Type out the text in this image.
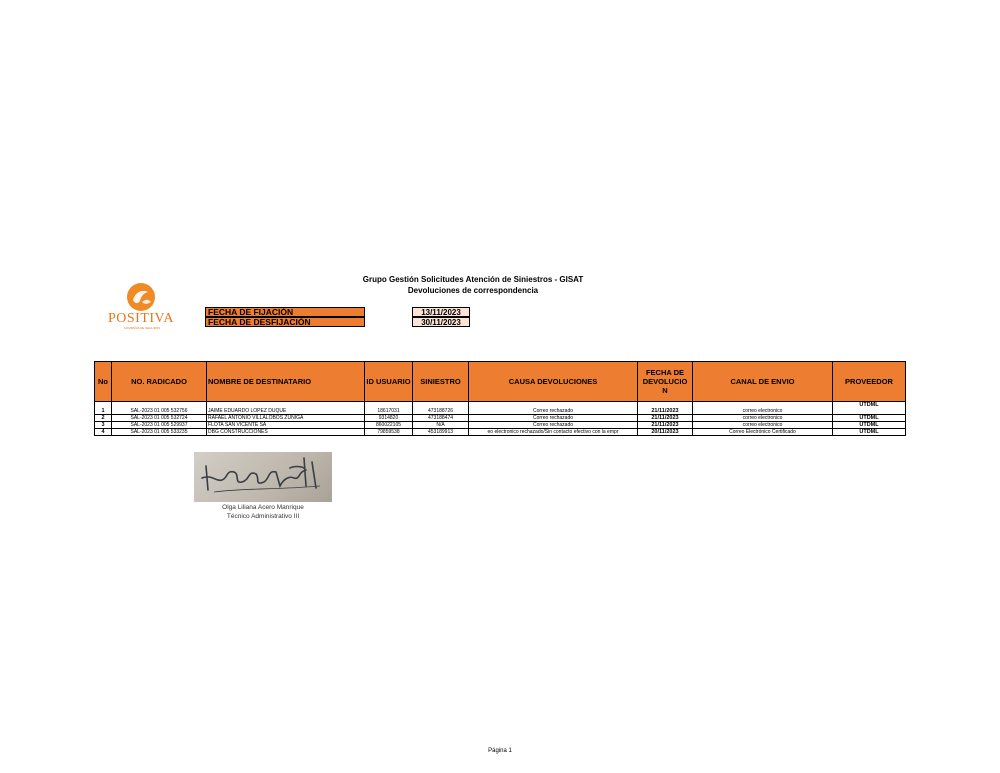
Grupo Gestión Solicitudes Atención de Siniestros - GISAT
Devoluciones de correspondencia
POSITIVA
COMPAÑÍA DE SEGUROS
FECHA DE FIJACIÓN	13/11/2023
FECHA DE DESFIJACIÓN	30/11/2023
No	NO. RADICADO	NOMBRE DE DESTINATARIO	ID USUARIO	SINIESTRO	CAUSA DEVOLUCIONES	FECHA DE DEVOLUCIO N	CANAL DE ENVIO	PROVEEDOR
1	SAL-2023 01 005 532756	JAIME EDUARDO LOPEZ DUQUE	18617031	473188726	Correo rechazado	21/11/2023	correo electronico	UTDML
2	SAL-2023 01 005 532724	RAFAEL ANTONIO VILLALOBOS ZUÑIGA	9314820	473188474	Correo rechazado	21/11/2023	correo electronico	UTDML
3	SAL-2023 01 005 529937	FLOTA SAN VICENTE SA	860022105	N/A	Correo rechazado	21/11/2023	correo electronico	UTDML
4	SAL-2023 01 005 533235	DBG CONSTRUCCIONES	79859538	453189913	eo electronico rechazado/Sin contacto efectivo con la empr	20/11/2023	Correo Electrónico Certificado	UTDML
Olga Liliana Acero Manrique
Técnico Administrativo III
Página 1
